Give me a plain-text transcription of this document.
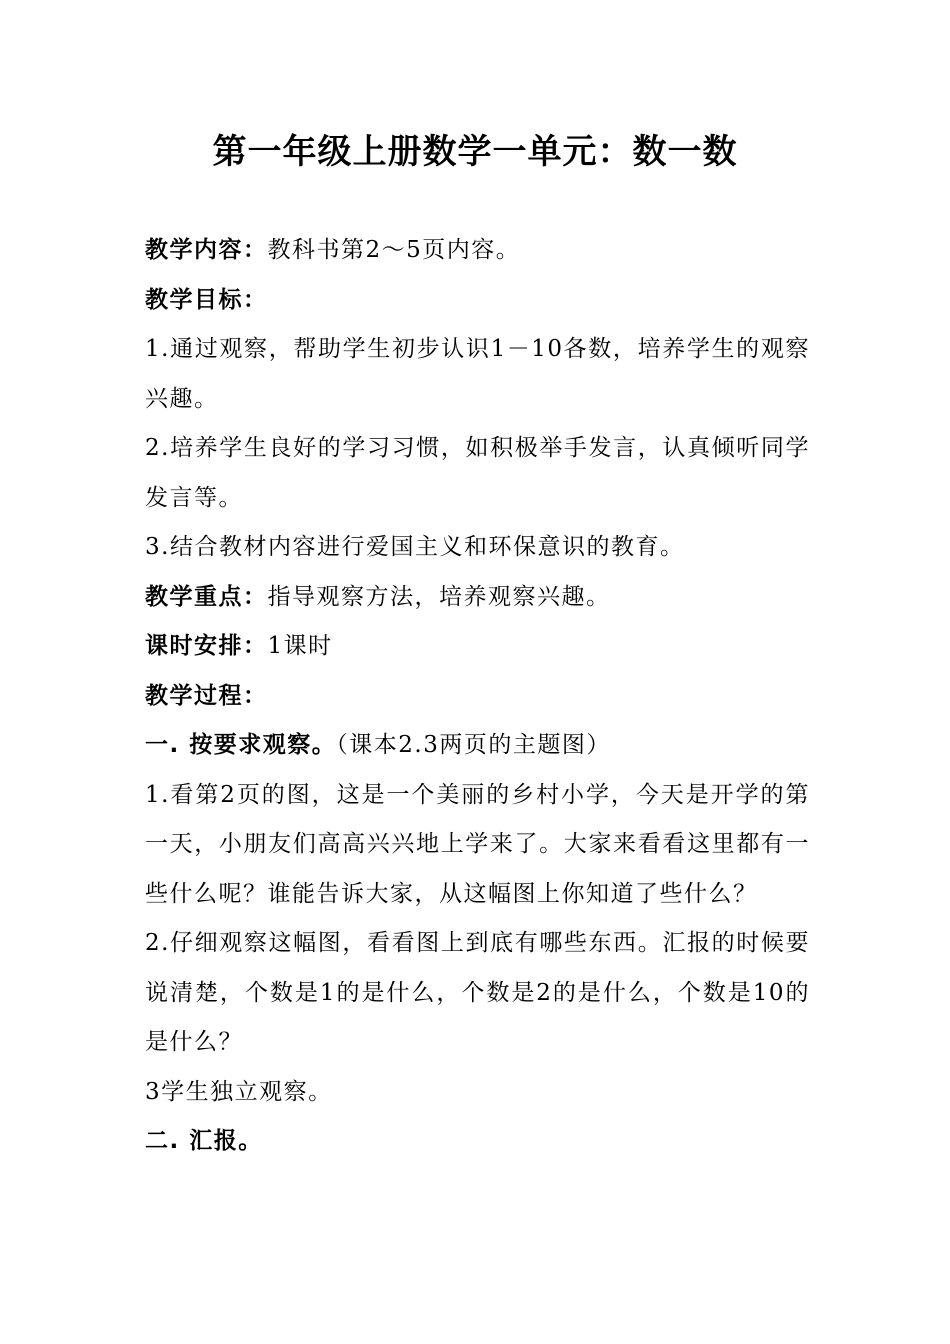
第一年级上册数学一单元：数一数

教学内容：教科书第2～5页内容。

教学目标：

1.通过观察，帮助学生初步认识1－10各数，培养学生的观察兴趣。

2.培养学生良好的学习习惯，如积极举手发言，认真倾听同学发言等。

3.结合教材内容进行爱国主义和环保意识的教育。

教学重点：指导观察方法，培养观察兴趣。

课时安排：1课时

教学过程：

一. 按要求观察。（课本2.3两页的主题图）

1.看第2页的图，这是一个美丽的乡村小学，今天是开学的第一天，小朋友们高高兴兴地上学来了。大家来看看这里都有一些什么呢？谁能告诉大家，从这幅图上你知道了些什么？

2.仔细观察这幅图，看看图上到底有哪些东西。汇报的时候要说清楚，个数是1的是什么，个数是2的是什么，个数是10的是什么？

3学生独立观察。

二. 汇报。
